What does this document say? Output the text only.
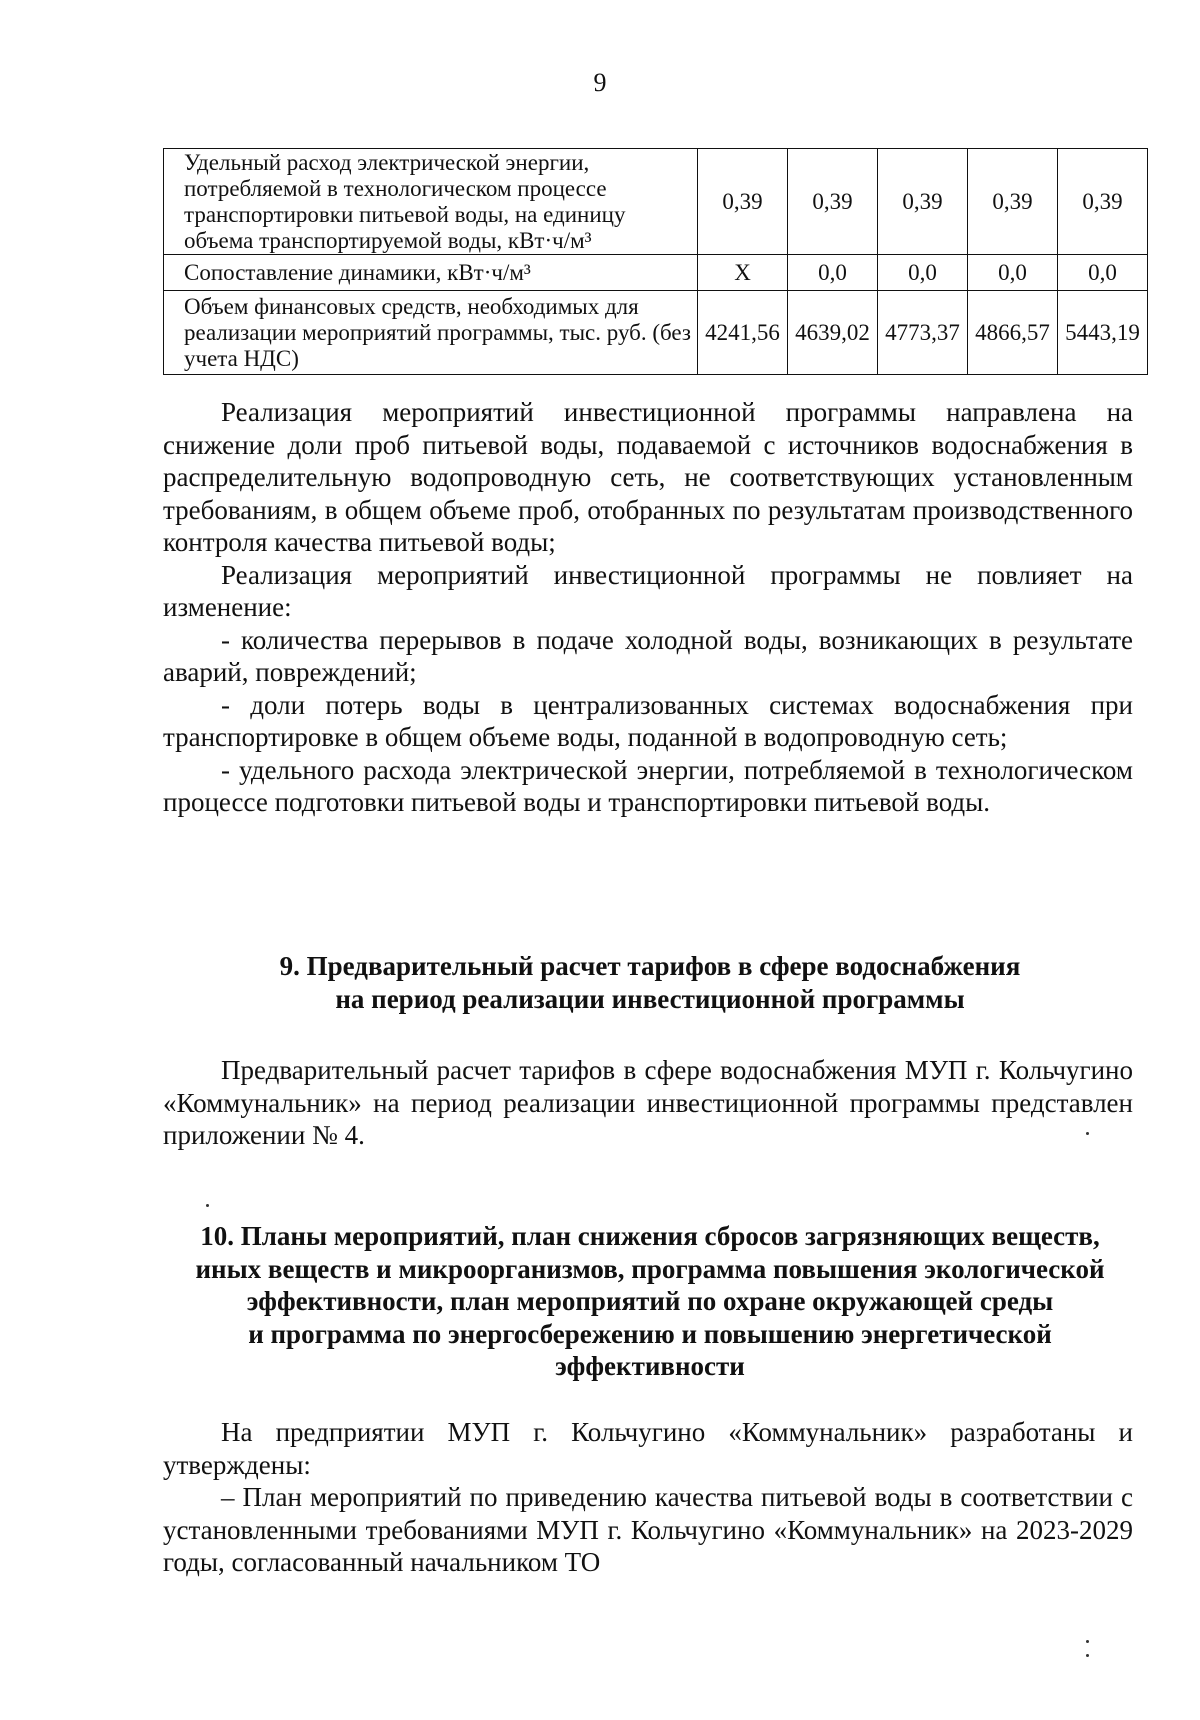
9
Удельный расход электрической энергии, потребляемой в технологическом процессе транспортировки питьевой воды, на единицу объема транспортируемой воды, кВт·ч/м³	0,39	0,39	0,39	0,39	0,39
Сопоставление динамики, кВт·ч/м³	X	0,0	0,0	0,0	0,0
Объем финансовых средств, необходимых для реализации мероприятий программы, тыс. руб. (без учета НДС)	4241,56	4639,02	4773,37	4866,57	5443,19

Реализация мероприятий инвестиционной программы направлена на снижение доли проб питьевой воды, подаваемой с источников водоснабжения в распределительную водопроводную сеть, не соответствующих установленным требованиям, в общем объеме проб, отобранных по результатам производственного контроля качества питьевой воды;

Реализация мероприятий инвестиционной программы не повлияет на изменение:

- количества перерывов в подаче холодной воды, возникающих в результате аварий, повреждений;

- доли потерь воды в централизованных системах водоснабжения при транспортировке в общем объеме воды, поданной в водопроводную сеть;

- удельного расхода электрической энергии, потребляемой в технологическом процессе подготовки питьевой воды и транспортировки питьевой воды.

9. Предварительный расчет тарифов в сфере водоснабжения

на период реализации инвестиционной программы

Предварительный расчет тарифов в сфере водоснабжения МУП г. Кольчугино «Коммунальник» на период реализации инвестиционной программы представлен приложении № 4.

10. Планы мероприятий, план снижения сбросов загрязняющих веществ,

иных веществ и микроорганизмов, программа повышения экологической

эффективности, план мероприятий по охране окружающей среды

и программа по энергосбережению и повышению энергетической

эффективности

На предприятии МУП г. Кольчугино «Коммунальник» разработаны и утверждены:

– План мероприятий по приведению качества питьевой воды в соответствии с установленными требованиями МУП г. Кольчугино «Коммунальник» на 2023-2029 годы, согласованный начальником ТО
